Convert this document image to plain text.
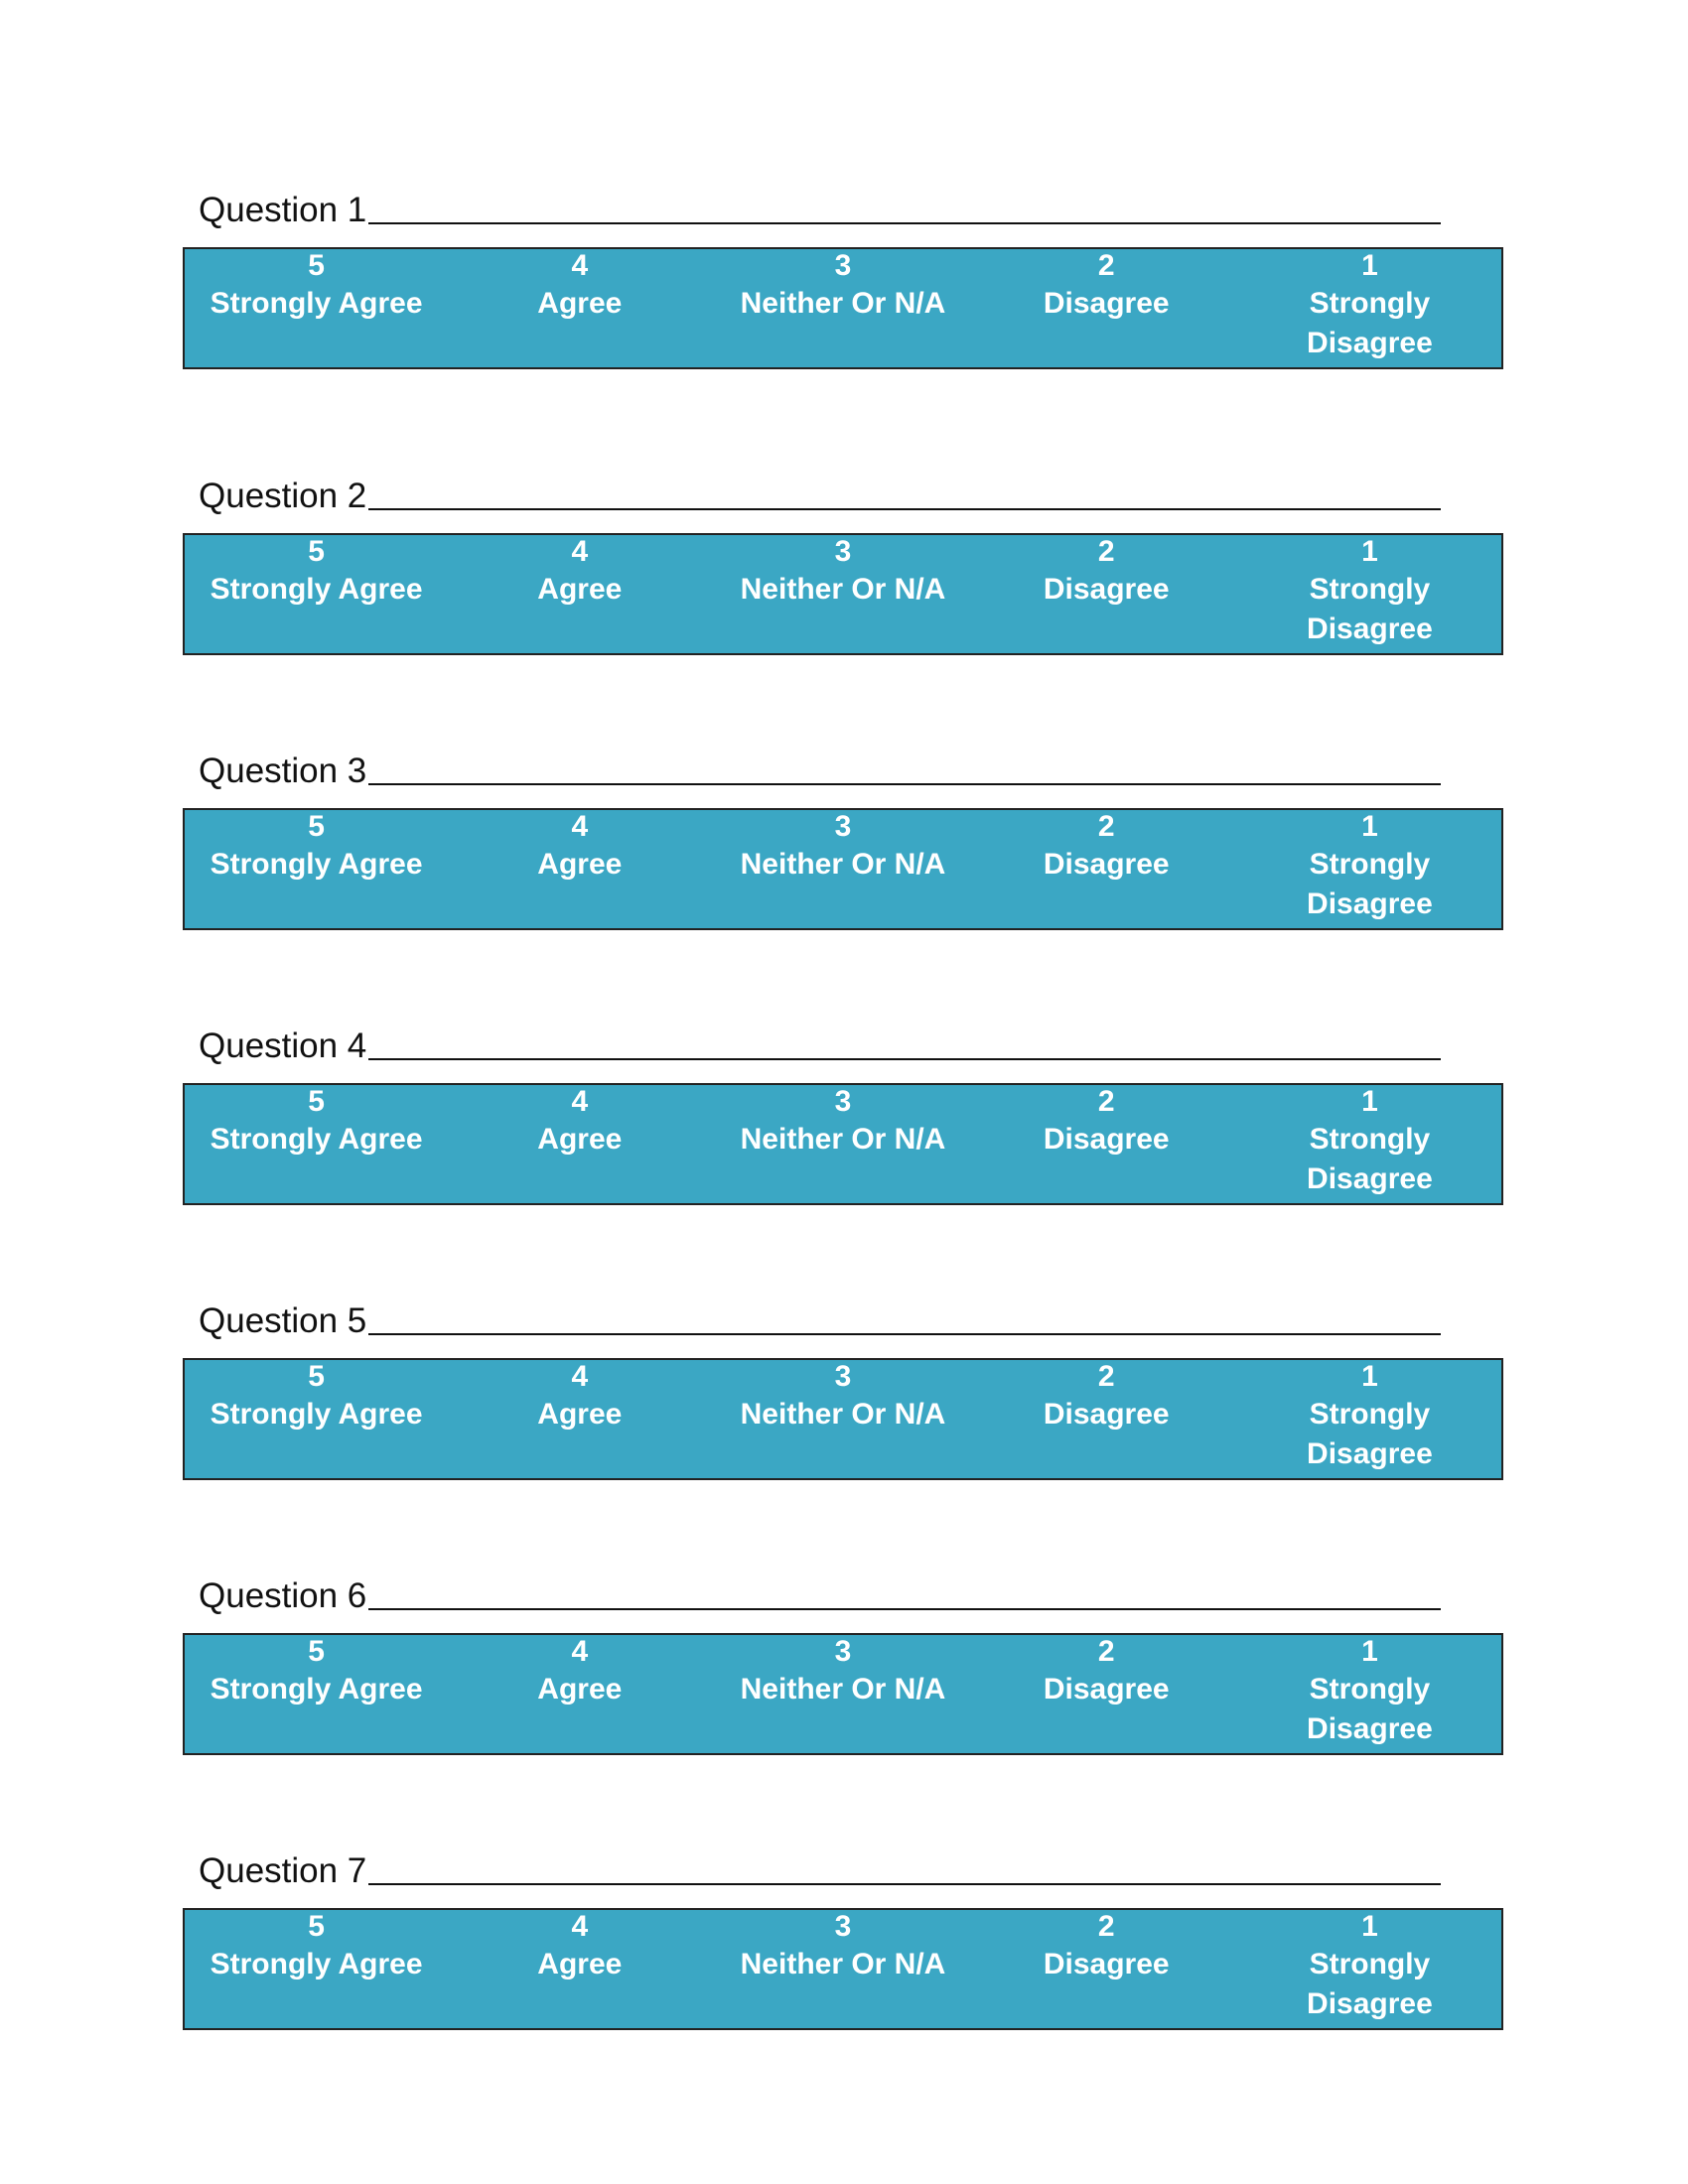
Question 1
5
Strongly Agree
4
Agree
3
Neither Or N/A
2
Disagree
1
Strongly Disagree
Question 2
5
Strongly Agree
4
Agree
3
Neither Or N/A
2
Disagree
1
Strongly Disagree
Question 3
5
Strongly Agree
4
Agree
3
Neither Or N/A
2
Disagree
1
Strongly Disagree
Question 4
5
Strongly Agree
4
Agree
3
Neither Or N/A
2
Disagree
1
Strongly Disagree
Question 5
5
Strongly Agree
4
Agree
3
Neither Or N/A
2
Disagree
1
Strongly Disagree
Question 6
5
Strongly Agree
4
Agree
3
Neither Or N/A
2
Disagree
1
Strongly Disagree
Question 7
5
Strongly Agree
4
Agree
3
Neither Or N/A
2
Disagree
1
Strongly Disagree
